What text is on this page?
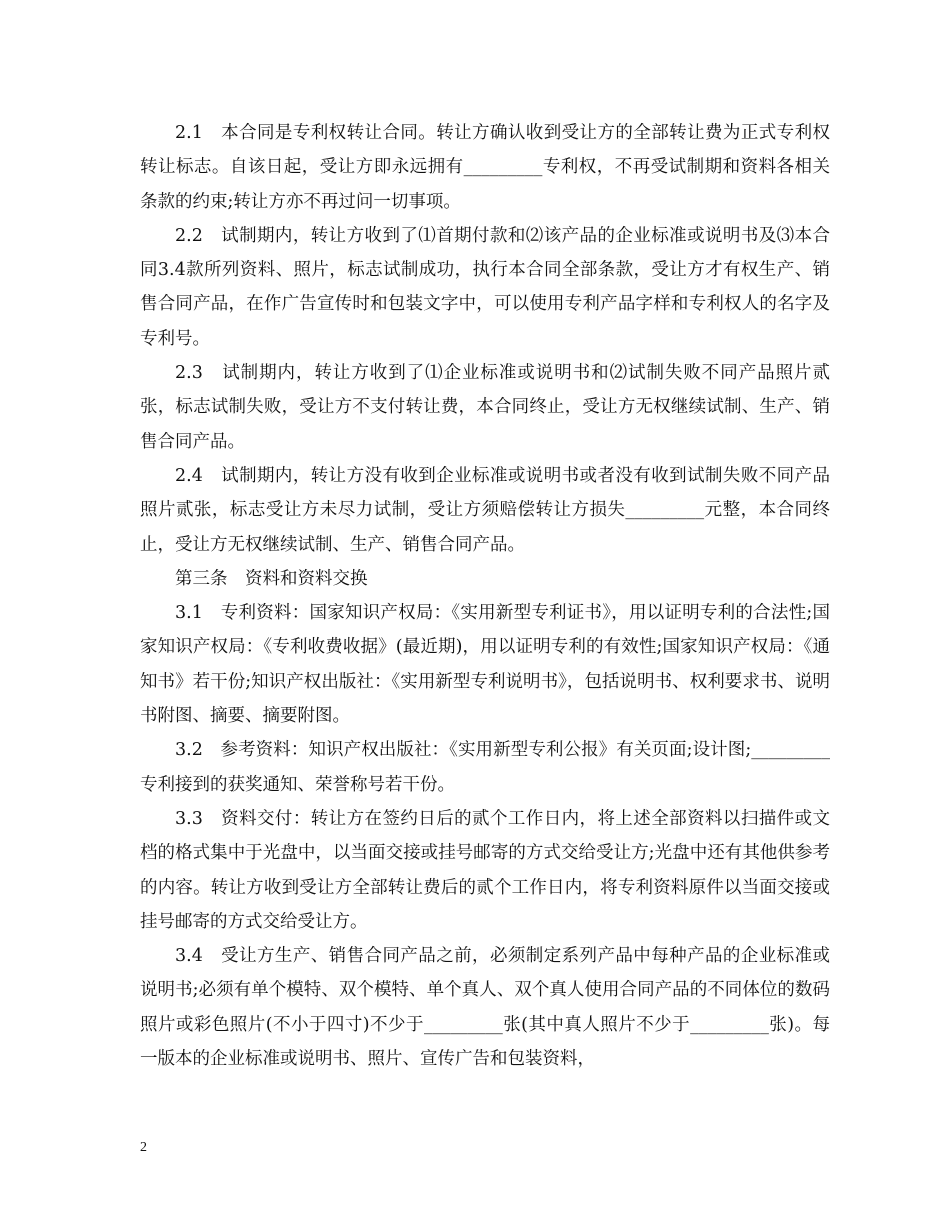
2.1　本合同是专利权转让合同。转让方确认收到受让方的全部转让费为正式专利权转让标志。自该日起，受让方即永远拥有_________专利权，不再受试制期和资料各相关条款的约束;转让方亦不再过问一切事项。

2.2　试制期内，转让方收到了⑴首期付款和⑵该产品的企业标准或说明书及⑶本合同3.4款所列资料、照片，标志试制成功，执行本合同全部条款，受让方才有权生产、销售合同产品，在作广告宣传时和包装文字中，可以使用专利产品字样和专利权人的名字及专利号。

2.3　试制期内，转让方收到了⑴企业标准或说明书和⑵试制失败不同产品照片贰张，标志试制失败，受让方不支付转让费，本合同终止，受让方无权继续试制、生产、销售合同产品。

2.4　试制期内，转让方没有收到企业标准或说明书或者没有收到试制失败不同产品照片贰张，标志受让方未尽力试制，受让方须赔偿转让方损失_________元整，本合同终止，受让方无权继续试制、生产、销售合同产品。

第三条　资料和资料交换

3.1　专利资料：国家知识产权局：《实用新型专利证书》，用以证明专利的合法性;国家知识产权局：《专利收费收据》(最近期)，用以证明专利的有效性;国家知识产权局：《通知书》若干份;知识产权出版社：《实用新型专利说明书》，包括说明书、权利要求书、说明书附图、摘要、摘要附图。

3.2　参考资料：知识产权出版社：《实用新型专利公报》有关页面;设计图;_________专利接到的获奖通知、荣誉称号若干份。

3.3　资料交付：转让方在签约日后的贰个工作日内，将上述全部资料以扫描件或文档的格式集中于光盘中，以当面交接或挂号邮寄的方式交给受让方;光盘中还有其他供参考的内容。转让方收到受让方全部转让费后的贰个工作日内，将专利资料原件以当面交接或挂号邮寄的方式交给受让方。

3.4　受让方生产、销售合同产品之前，必须制定系列产品中每种产品的企业标准或说明书;必须有单个模特、双个模特、单个真人、双个真人使用合同产品的不同体位的数码照片或彩色照片(不小于四寸)不少于_________张(其中真人照片不少于_________张)。每一版本的企业标准或说明书、照片、宣传广告和包装资料，

2
